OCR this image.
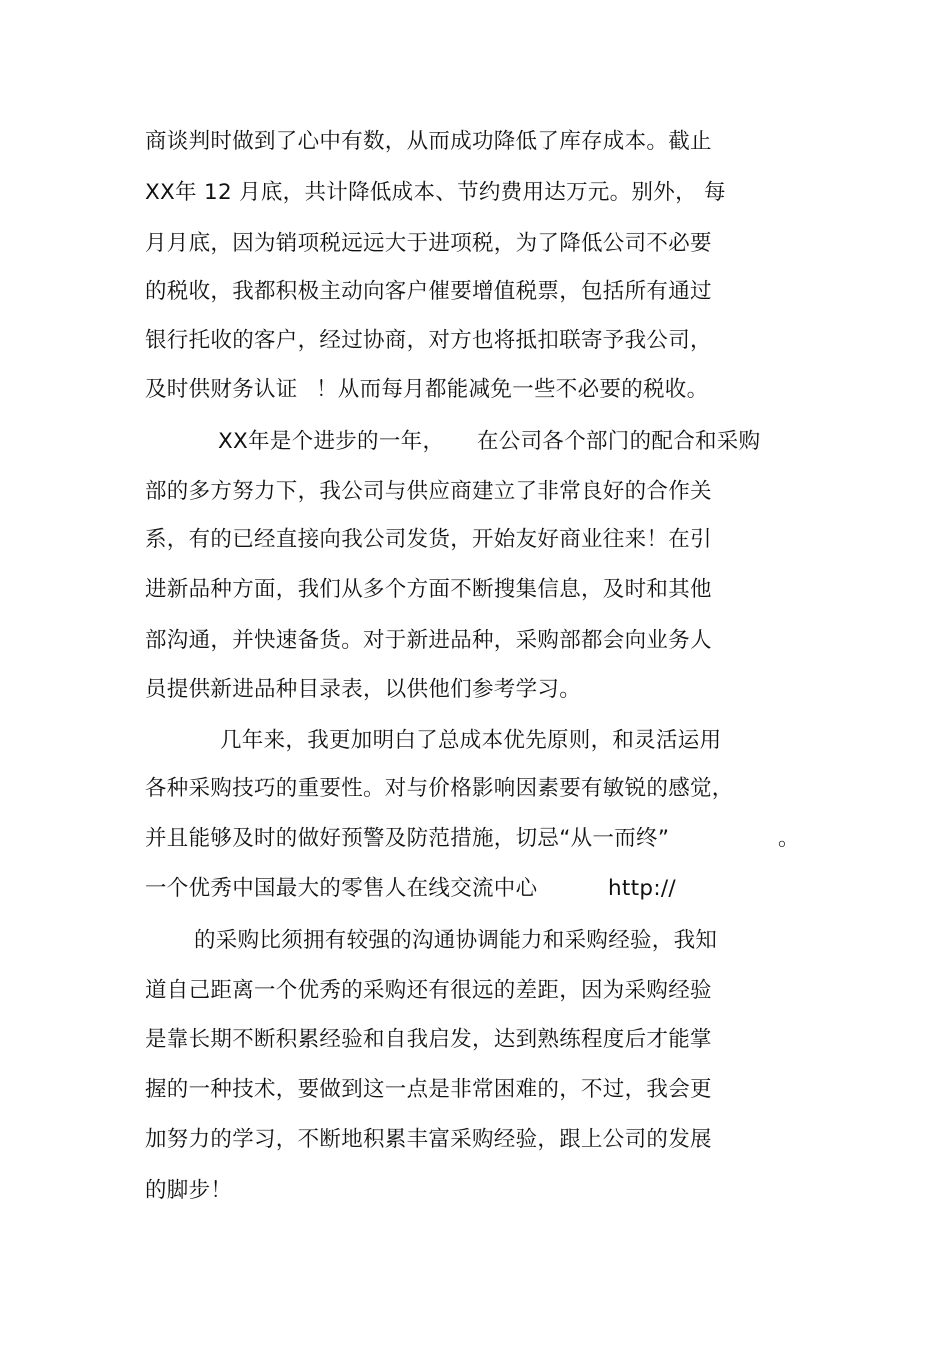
商谈判时做到了心中有数，从而成功降低了库存成本。截止
XX年 12 月底，共计降低成本、节约费用达万元。别外， 每
月月底，因为销项税远远大于进项税，为了降低公司不必要
的税收，我都积极主动向客户催要增值税票，包括所有通过
银行托收的客户，经过协商，对方也将抵扣联寄予我公司，
及时供财务认证 ！从而每月都能减免一些不必要的税收。
XX年是个进步的一年， 在公司各个部门的配合和采购
部的多方努力下，我公司与供应商建立了非常良好的合作关
系，有的已经直接向我公司发货，开始友好商业往来！在引
进新品种方面，我们从多个方面不断搜集信息，及时和其他
部沟通，并快速备货。对于新进品种，采购部都会向业务人
员提供新进品种目录表，以供他们参考学习。
几年来，我更加明白了总成本优先原则，和灵活运用
各种采购技巧的重要性。对与价格影响因素要有敏锐的感觉，
并且能够及时的做好预警及防范措施，切忌“从一而终”	。
一个优秀中国最大的零售人在线交流中心	http://
的采购比须拥有较强的沟通协调能力和采购经验，我知
道自己距离一个优秀的采购还有很远的差距，因为采购经验
是靠长期不断积累经验和自我启发，达到熟练程度后才能掌
握的一种技术，要做到这一点是非常困难的，不过，我会更
加努力的学习，不断地积累丰富采购经验，跟上公司的发展
的脚步！
